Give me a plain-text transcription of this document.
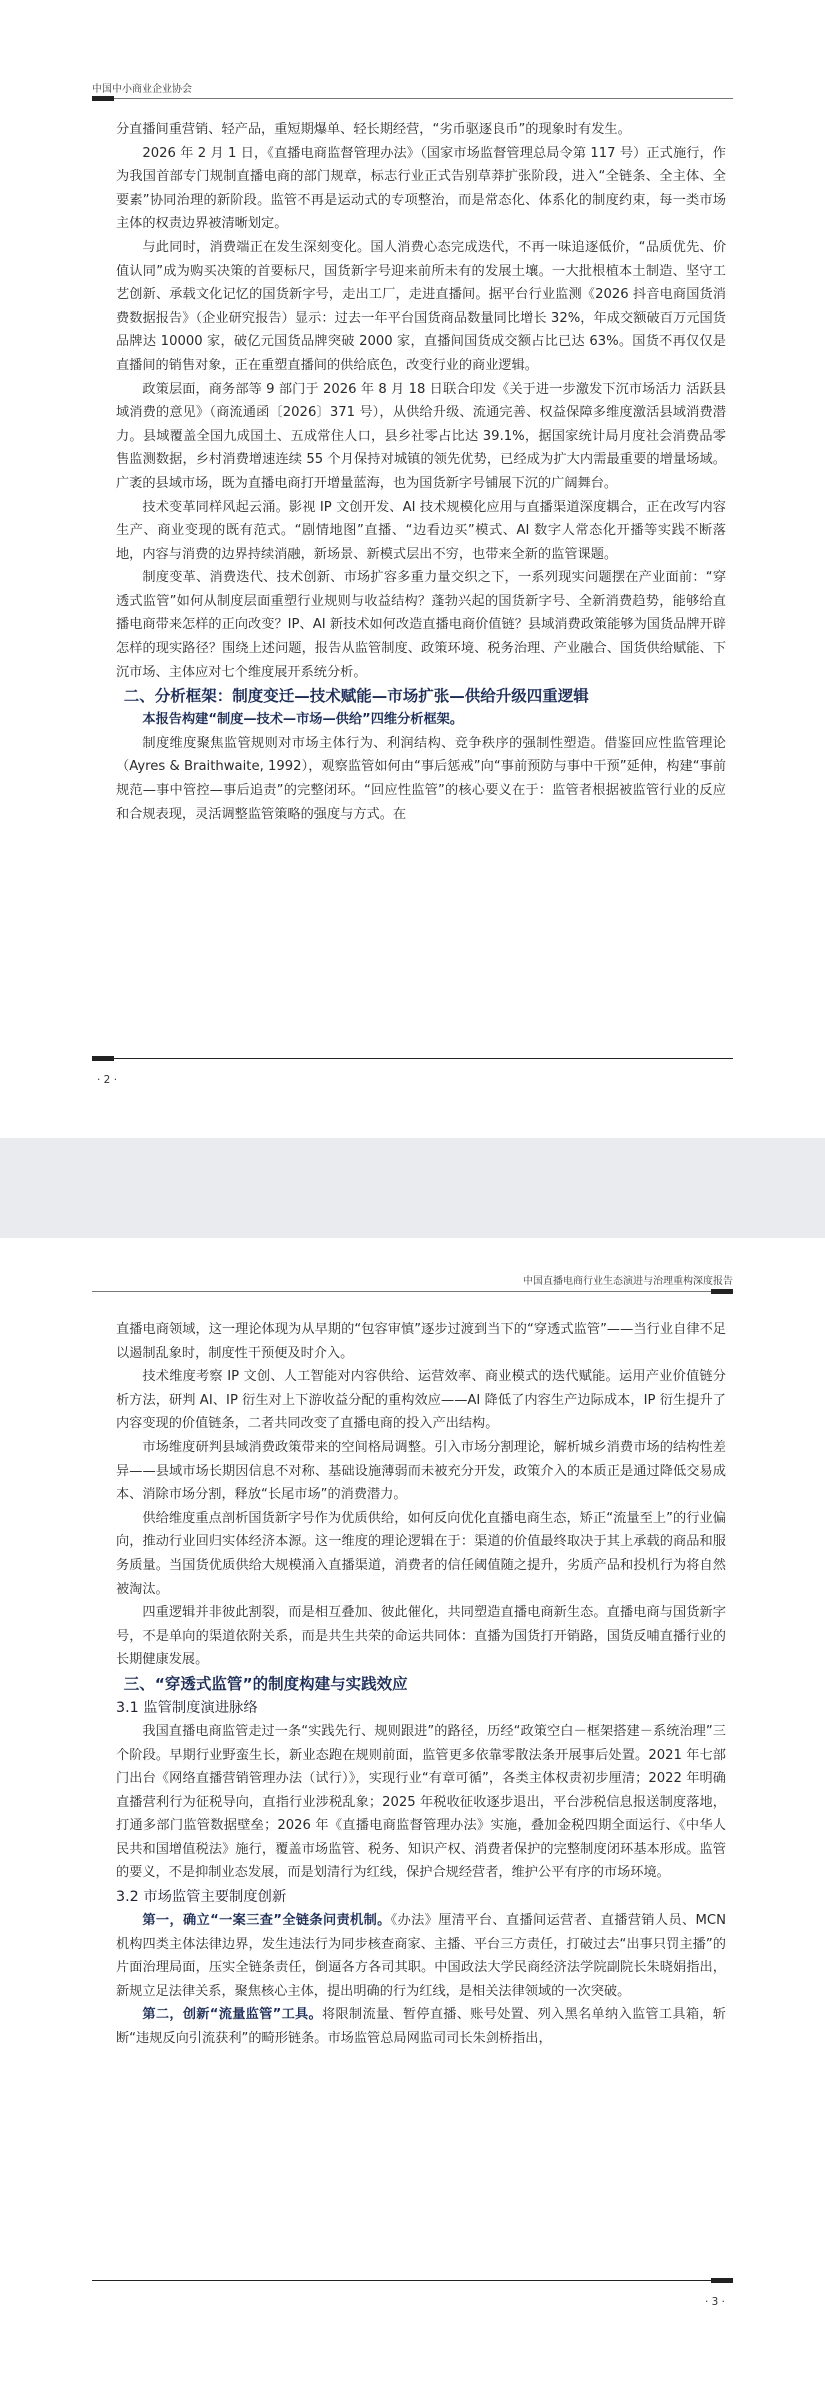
中国中小商业企业协会

分直播间重营销、轻产品，重短期爆单、轻长期经营，“劣币驱逐良币”的现象时有发生。

2026 年 2 月 1 日，《直播电商监督管理办法》（国家市场监督管理总局令第 117 号）正式施行，作为我国首部专门规制直播电商的部门规章，标志行业正式告别草莽扩张阶段，进入“全链条、全主体、全要素”协同治理的新阶段。监管不再是运动式的专项整治，而是常态化、体系化的制度约束，每一类市场主体的权责边界被清晰划定。

与此同时，消费端正在发生深刻变化。国人消费心态完成迭代，不再一味追逐低价，“品质优先、价值认同”成为购买决策的首要标尺，国货新字号迎来前所未有的发展土壤。一大批根植本土制造、坚守工艺创新、承载文化记忆的国货新字号，走出工厂，走进直播间。据平台行业监测《2026 抖音电商国货消费数据报告》（企业研究报告）显示：过去一年平台国货商品数量同比增长 32%，年成交额破百万元国货品牌达 10000 家，破亿元国货品牌突破 2000 家，直播间国货成交额占比已达 63%。国货不再仅仅是直播间的销售对象，正在重塑直播间的供给底色，改变行业的商业逻辑。

政策层面，商务部等 9 部门于 2026 年 8 月 18 日联合印发《关于进一步激发下沉市场活力 活跃县域消费的意见》（商流通函〔2026〕371 号），从供给升级、流通完善、权益保障多维度激活县域消费潜力。县域覆盖全国九成国土、五成常住人口，县乡社零占比达 39.1%，据国家统计局月度社会消费品零售监测数据，乡村消费增速连续 55 个月保持对城镇的领先优势，已经成为扩大内需最重要的增量场域。广袤的县域市场，既为直播电商打开增量蓝海，也为国货新字号铺展下沉的广阔舞台。

技术变革同样风起云涌。影视 IP 文创开发、AI 技术规模化应用与直播渠道深度耦合，正在改写内容生产、商业变现的既有范式。“剧情地图”直播、“边看边买”模式、AI 数字人常态化开播等实践不断落地，内容与消费的边界持续消融，新场景、新模式层出不穷，也带来全新的监管课题。

制度变革、消费迭代、技术创新、市场扩容多重力量交织之下，一系列现实问题摆在产业面前：“穿透式监管”如何从制度层面重塑行业规则与收益结构？蓬勃兴起的国货新字号、全新消费趋势，能够给直播电商带来怎样的正向改变？IP、AI 新技术如何改造直播电商价值链？县域消费政策能够为国货品牌开辟怎样的现实路径？围绕上述问题，报告从监管制度、政策环境、税务治理、产业融合、国货供给赋能、下沉市场、主体应对七个维度展开系统分析。

二、分析框架：制度变迁—技术赋能—市场扩张—供给升级四重逻辑

本报告构建“制度—技术—市场—供给”四维分析框架。

制度维度聚焦监管规则对市场主体行为、利润结构、竞争秩序的强制性塑造。借鉴回应性监管理论（Ayres & Braithwaite, 1992），观察监管如何由“事后惩戒”向“事前预防与事中干预”延伸，构建“事前规范—事中管控—事后追责”的完整闭环。“回应性监管”的核心要义在于：监管者根据被监管行业的反应和合规表现，灵活调整监管策略的强度与方式。在

· 2 ·
中国直播电商行业生态演进与治理重构深度报告

直播电商领域，这一理论体现为从早期的“包容审慎”逐步过渡到当下的“穿透式监管”——当行业自律不足以遏制乱象时，制度性干预便及时介入。

技术维度考察 IP 文创、人工智能对内容供给、运营效率、商业模式的迭代赋能。运用产业价值链分析方法，研判 AI、IP 衍生对上下游收益分配的重构效应——AI 降低了内容生产边际成本，IP 衍生提升了内容变现的价值链条，二者共同改变了直播电商的投入产出结构。

市场维度研判县域消费政策带来的空间格局调整。引入市场分割理论，解析城乡消费市场的结构性差异——县域市场长期因信息不对称、基础设施薄弱而未被充分开发，政策介入的本质正是通过降低交易成本、消除市场分割，释放“长尾市场”的消费潜力。

供给维度重点剖析国货新字号作为优质供给，如何反向优化直播电商生态，矫正“流量至上”的行业偏向，推动行业回归实体经济本源。这一维度的理论逻辑在于：渠道的价值最终取决于其上承载的商品和服务质量。当国货优质供给大规模涌入直播渠道，消费者的信任阈值随之提升，劣质产品和投机行为将自然被淘汰。

四重逻辑并非彼此割裂，而是相互叠加、彼此催化，共同塑造直播电商新生态。直播电商与国货新字号，不是单向的渠道依附关系，而是共生共荣的命运共同体：直播为国货打开销路，国货反哺直播行业的长期健康发展。

三、“穿透式监管”的制度构建与实践效应

3.1 监管制度演进脉络

我国直播电商监管走过一条“实践先行、规则跟进”的路径，历经“政策空白－框架搭建－系统治理”三个阶段。早期行业野蛮生长，新业态跑在规则前面，监管更多依靠零散法条开展事后处置。2021 年七部门出台《网络直播营销管理办法（试行）》，实现行业“有章可循”，各类主体权责初步厘清；2022 年明确直播营利行为征税导向，直指行业涉税乱象；2025 年税收征收逐步退出，平台涉税信息报送制度落地，打通多部门监管数据壁垒；2026 年《直播电商监督管理办法》实施，叠加金税四期全面运行、《中华人民共和国增值税法》施行，覆盖市场监管、税务、知识产权、消费者保护的完整制度闭环基本形成。监管的要义，不是抑制业态发展，而是划清行为红线，保护合规经营者，维护公平有序的市场环境。

3.2 市场监管主要制度创新

第一，确立“一案三查”全链条问责机制。《办法》厘清平台、直播间运营者、直播营销人员、MCN 机构四类主体法律边界，发生违法行为同步核查商家、主播、平台三方责任，打破过去“出事只罚主播”的片面治理局面，压实全链条责任，倒逼各方各司其职。中国政法大学民商经济法学院副院长朱晓娟指出，新规立足法律关系，聚焦核心主体，提出明确的行为红线，是相关法律领域的一次突破。

第二，创新“流量监管”工具。将限制流量、暂停直播、账号处置、列入黑名单纳入监管工具箱，斩断“违规反向引流获利”的畸形链条。市场监管总局网监司司长朱剑桥指出，

· 3 ·
